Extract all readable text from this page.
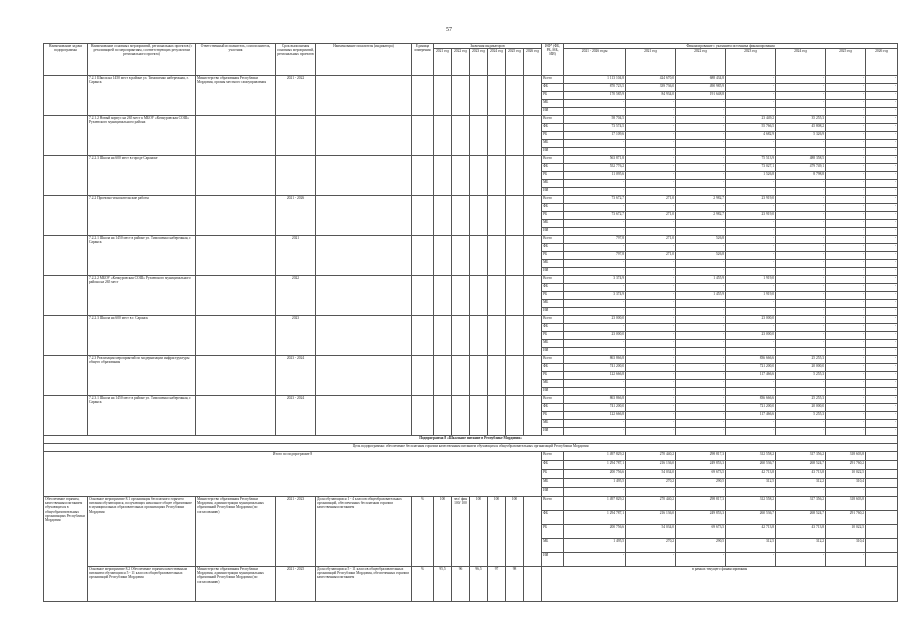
57
Наименование задачи подпрограммы	Наименование основных мероприятий, региональных проектов (с детализацией по мероприятиям, соответствующих результатам регионального проекта)	Ответственный исполнитель, соисполнитель, участник	Срок выполнения основных мероприятий, региональных проектов	Наименование показателя (индикатора)	Единица измерения	Значения индикаторов						ИФ* (ФБ, РБ, МБ, ИИ)	Финансирование с указанием источника финансирования						
						2021 год	2022 год	2023 год	2024 год	2025 год	2026 год		2021 - 2026 годы	2021 год	2022 год	2023 год	2024 год	2025 год	2026 год
	7.2.1 Школа на 1450 мест в районе ул. Тимошенко набережная, г. Саранск	Министерство образования Республики Мордовия, органы местного самоуправления	2021 - 2022									Всего	1 113 104,8	424 670,0	688 434,8	-	-	-	-
												ФБ	870 723,5	339 736,0	490 985,9	-	-	-	-
												РБ	170 585,9	84 934,0	191 648,8	-	-	-	-
												МБ	-	-	-	-	-	-	-
												ИИ	-	-	-	-	-	-	-
	7.2.1.2 Новый корпус на 265 мест к МБОУ «Кочкуровская СОШ» Рузаевского муниципального района											Всего	58 704,5	-	-	23 449,2	35 255,3	-	-
												ФБ	73 574,5	-	-	55 766,5	45 808,2	-	-
												РБ	17 109,6	-	-	4 682,9	5 326,9	-	-
												МБ	-	-	-	-	-	-	-
												ИИ	-	-	-	-	-	-	-
	7.2.2.3 Школа на 600 мест в городе Саранске											Всего	563 871,8	-	-	75 513,9	488 358,5	-	-
												ФБ	552 776,2	-	-	73 027,1	479 749,1	-	-
												РБ	11 095,6	-	-	1 526,8	8 798,8	-	-
												МБ	-	-	-	-	-	-	-
												ИИ	-	-	-	-	-	-	-
	7.2.2 Проектно-изыскательские работы		2021 - 2026									Всего	73 672,7	271,0	2 982,7	23 919,0	-	-	-
												ФБ	-	-	-	-	-	-	-
												РБ	73 672,7	271,0	2 982,7	23 919,0	-	-	-
												МБ	-	-	-	-	-	-	-
												ИИ	-	-	-	-	-	-	-
	7.2.2.1 Школа на 1450 мест в районе ул. Тимошенко набережная, г. Саранск		2021									Всего	797,8	271,0	526,8	-	-	-	-
												ФБ	-	-	-	-	-	-	-
												РБ	797,8	271,0	526,8	-	-	-	-
												МБ	-	-	-	-	-	-	-
												ИИ	-	-	-	-	-	-	-
	7.2.2.2 МБОУ «Кочкуровская СОШ» Рузаевского муниципального района на 265 мест		2022									Всего	3 374,9	-	1 455,9	1 919,0	-	-	-
												ФБ	-	-	-	-	-	-	-
												РБ	3 374,9	-	1 455,9	1 919,0	-	-	-
												МБ	-	-	-	-	-	-	-
												ИИ	-	-	-	-	-	-	-
	7.2.2.3 Школа на 600 мест в г. Саранск		2023									Всего	23 000,0	-	-	23 000,0	-	-	-
												ФБ	-	-	-	-	-	-	-
												РБ	23 000,0	-	-	23 000,0	-	-	-
												МБ	-	-	-	-	-	-	-
												ИИ	-	-	-	-	-	-	-
	7.2.3 Реализация мероприятий по модернизации инфраструктуры общего образования		2023 - 2024									Всего	863 866,8	-	-	836 666,6	25 255,3	-	-
												ФБ	741 200,0	-	-	721 200,0	20 000,0	-	-
												РБ	122 666,8	-	-	117 466,6	5 255,3	-	-
												МБ	-	-	-	-	-	-	-
												ИИ	-	-	-	-	-	-	-
	7.2.3.1 Школа на 1450 мест в районе ул. Тимошенко набережная, г. Саранск		2023 - 2024									Всего	863 866,8	-	-	836 666,6	25 255,3	-	-
												ФБ	741 200,0	-	-	721 200,0	20 000,0	-	-
												РБ	122 666,8	-	-	117 466,6	5 255,3	-	-
												МБ	-	-	-	-	-	-	-
												ИИ	-	-	-	-	-	-	-
Подпрограмма 8 «Школьное питание в Республике Мордовия»																			
Цель подпрограммы: обеспечение бесплатным горячим качественным питанием обучающихся общеобразовательных организаций Республики Мордовия																			
Итого по подпрограмме 8												Всего	1 497 829,2	270 440,2	298 817,3	312 558,2	317 356,2	318 603,8	
												ФБ	1 294 787,1	216 136,0	249 853,3	260 536,7	268 524,7	291 760,2	
												РБ	200 756,6	54 034,0	69 673,5	42 713,8	43 713,8	10 022,5	
												МБ	1 495,5	270,2	290,5	312,5	312,2	310,4	
												ИИ	-	-	-	-	-	-	
Обеспечение горячим, качественным питанием обучающихся в общеобразовательных организациях Республики Мордовия	Основное мероприятие 8.1 организация бесплатного горячего питания обучающихся, получающих начальное общее образование в муниципальных образовательных организациях Республики Мордовия	Министерство образования Республики Мордовия, администрации муниципальных образований Республики Мордовия (по согласованию)	2021 - 2023	Доля обучающихся 1 - 4 классов общеобразовательных организаций, обеспеченных бесплатным горячим качественным питанием	%	100	чел/ фин 100/ 100	100	100	100		Всего	1 497 829,2	270 440,2	298 817,3	312 558,2	317 356,2	318 603,8	
												ФБ	1 294 787,1	216 136,0	249 853,3	260 536,7	268 524,7	291 760,2	
												РБ	200 756,6	54 034,0	69 673,5	42 713,8	43 713,8	10 022,5	
												МБ	1 495,5	270,2	290,5	312,5	312,2	310,4	
												ИИ	-	-	-	-	-	-	
	Основное мероприятие 8.2 Обеспечение горячим качественным питанием обучающихся 5 - 11 классов общеобразовательных организаций Республики Мордовия	Министерство образования Республики Мордовия, администрации муниципальных образований Республики Мордовия (по согласованию)	2021 - 2025	Доля обучающихся 5 - 11 классов общеобразовательных организаций Республики Мордовия, обеспеченных горячим качественным питанием	%	95,5	96	96,5	97	98		в рамках текущего финансирования							
